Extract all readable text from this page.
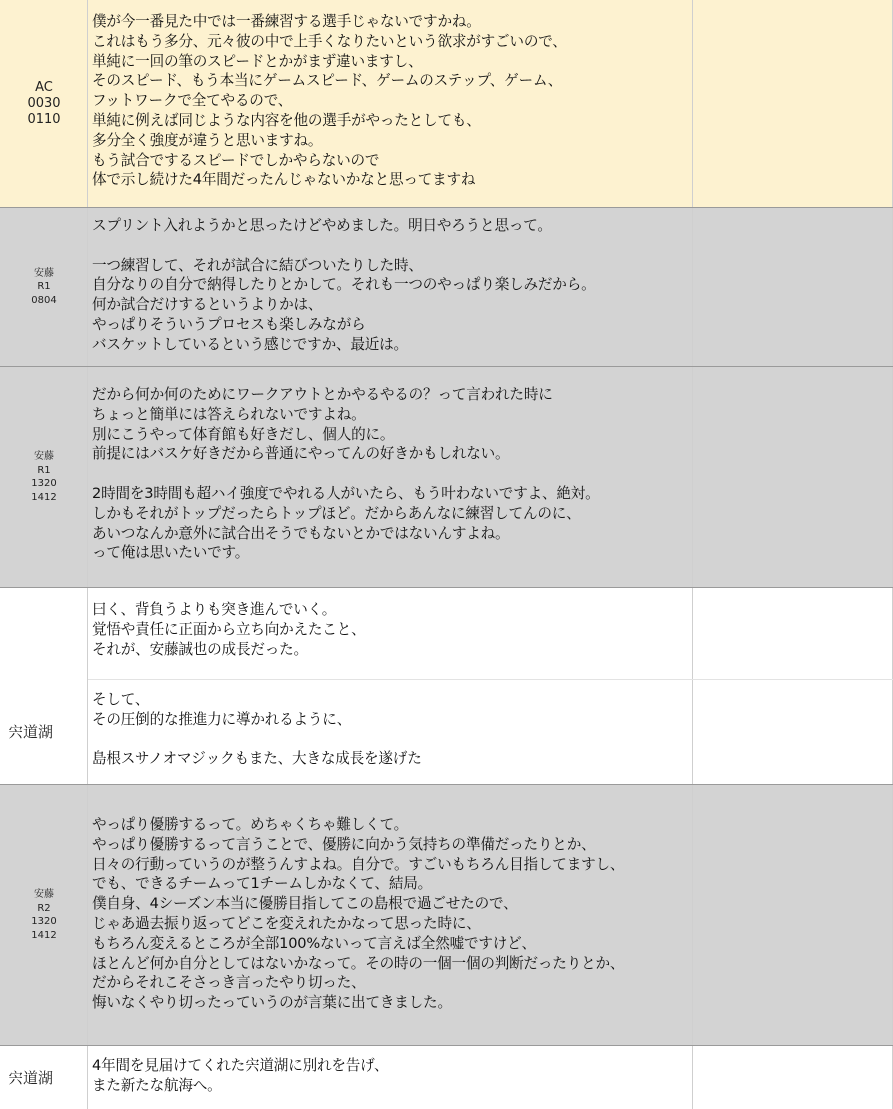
AC
0030
0110
僕が今一番見た中では一番練習する選手じゃないですかね。
これはもう多分、元々彼の中で上手くなりたいという欲求がすごいので、
単純に一回の筆のスピードとかがまず違いますし、
そのスピード、もう本当にゲームスピード、ゲームのステップ、ゲーム、
フットワークで全てやるので、
単純に例えば同じような内容を他の選手がやったとしても、
多分全く強度が違うと思いますね。
もう試合でするスピードでしかやらないので
体で示し続けた4年間だったんじゃないかなと思ってますね
安藤
R1
0804
スプリント入れようかと思ったけどやめました。明日やろうと思って。

一つ練習して、それが試合に結びついたりした時、
自分なりの自分で納得したりとかして。それも一つのやっぱり楽しみだから。
何か試合だけするというよりかは、
やっぱりそういうプロセスも楽しみながら
バスケットしているという感じですか、最近は。
安藤
R1
1320
1412
だから何か何のためにワークアウトとかやるやるの？って言われた時に
ちょっと簡単には答えられないですよね。
別にこうやって体育館も好きだし、個人的に。
前提にはバスケ好きだから普通にやってんの好きかもしれない。

2時間を3時間も超ハイ強度でやれる人がいたら、もう叶わないですよ、絶対。
しかもそれがトップだったらトップほど。だからあんなに練習してんのに、
あいつなんか意外に試合出そうでもないとかではないんすよね。
って俺は思いたいです。
曰く、背負うよりも突き進んでいく。
覚悟や責任に正面から立ち向かえたこと、
それが、安藤誠也の成長だった。
宍道湖
そして、
その圧倒的な推進力に導かれるように、

島根スサノオマジックもまた、大きな成長を遂げた
安藤
R2
1320
1412
やっぱり優勝するって。めちゃくちゃ難しくて。
やっぱり優勝するって言うことで、優勝に向かう気持ちの準備だったりとか、
日々の行動っていうのが整うんすよね。自分で。すごいもちろん目指してますし、
でも、できるチームって1チームしかなくて、結局。
僕自身、4シーズン本当に優勝目指してこの島根で過ごせたので、
じゃあ過去振り返ってどこを変えれたかなって思った時に、
もちろん変えるところが全部100%ないって言えば全然嘘ですけど、
ほとんど何か自分としてはないかなって。その時の一個一個の判断だったりとか、
だからそれこそさっき言ったやり切った、
悔いなくやり切ったっていうのが言葉に出てきました。
宍道湖
4年間を見届けてくれた宍道湖に別れを告げ、
また新たな航海へ。
